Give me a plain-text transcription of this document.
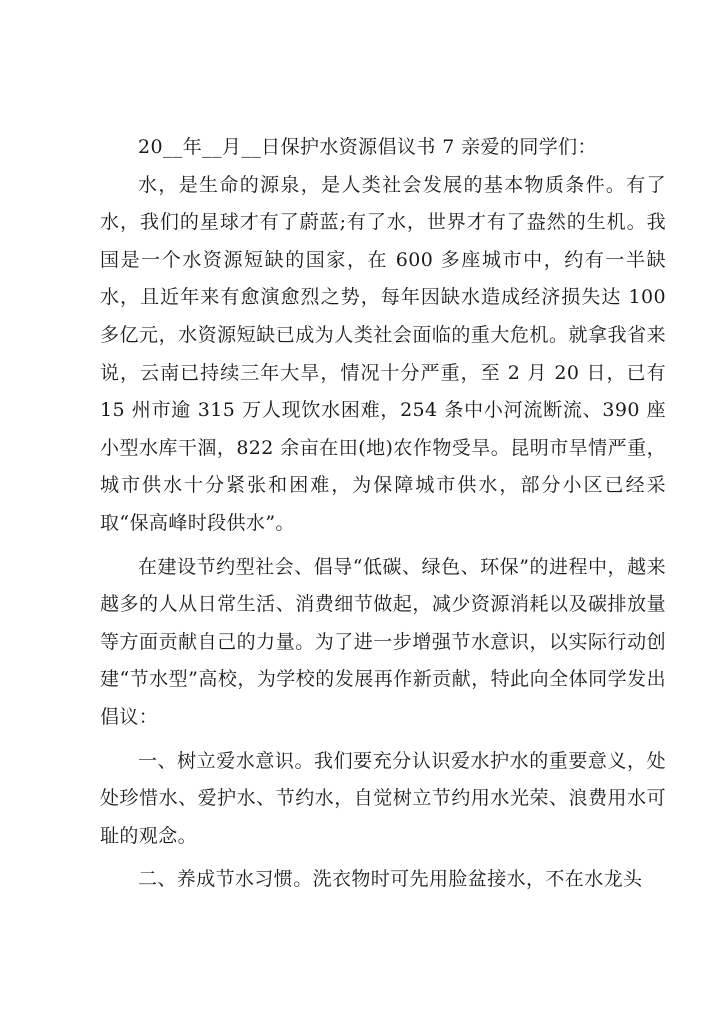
20__年__月__日保护水资源倡议书 7 亲爱的同学们：

水，是生命的源泉，是人类社会发展的基本物质条件。有了水，我们的星球才有了蔚蓝;有了水，世界才有了盎然的生机。我国是一个水资源短缺的国家，在 600 多座城市中，约有一半缺水，且近年来有愈演愈烈之势，每年因缺水造成经济损失达 100 多亿元，水资源短缺已成为人类社会面临的重大危机。就拿我省来说，云南已持续三年大旱，情况十分严重，至 2 月 20 日，已有 15 州市逾 315 万人现饮水困难，254 条中小河流断流、390 座小型水库干涸，822 余亩在田(地)农作物受旱。昆明市旱情严重，城市供水十分紧张和困难，为保障城市供水，部分小区已经采取“保高峰时段供水”。

在建设节约型社会、倡导“低碳、绿色、环保”的进程中，越来越多的人从日常生活、消费细节做起，减少资源消耗以及碳排放量等方面贡献自己的力量。为了进一步增强节水意识，以实际行动创建“节水型”高校，为学校的发展再作新贡献，特此向全体同学发出倡议：

一、树立爱水意识。我们要充分认识爱水护水的重要意义，处处珍惜水、爱护水、节约水，自觉树立节约用水光荣、浪费用水可耻的观念。

二、养成节水习惯。洗衣物时可先用脸盆接水，不在水龙头
